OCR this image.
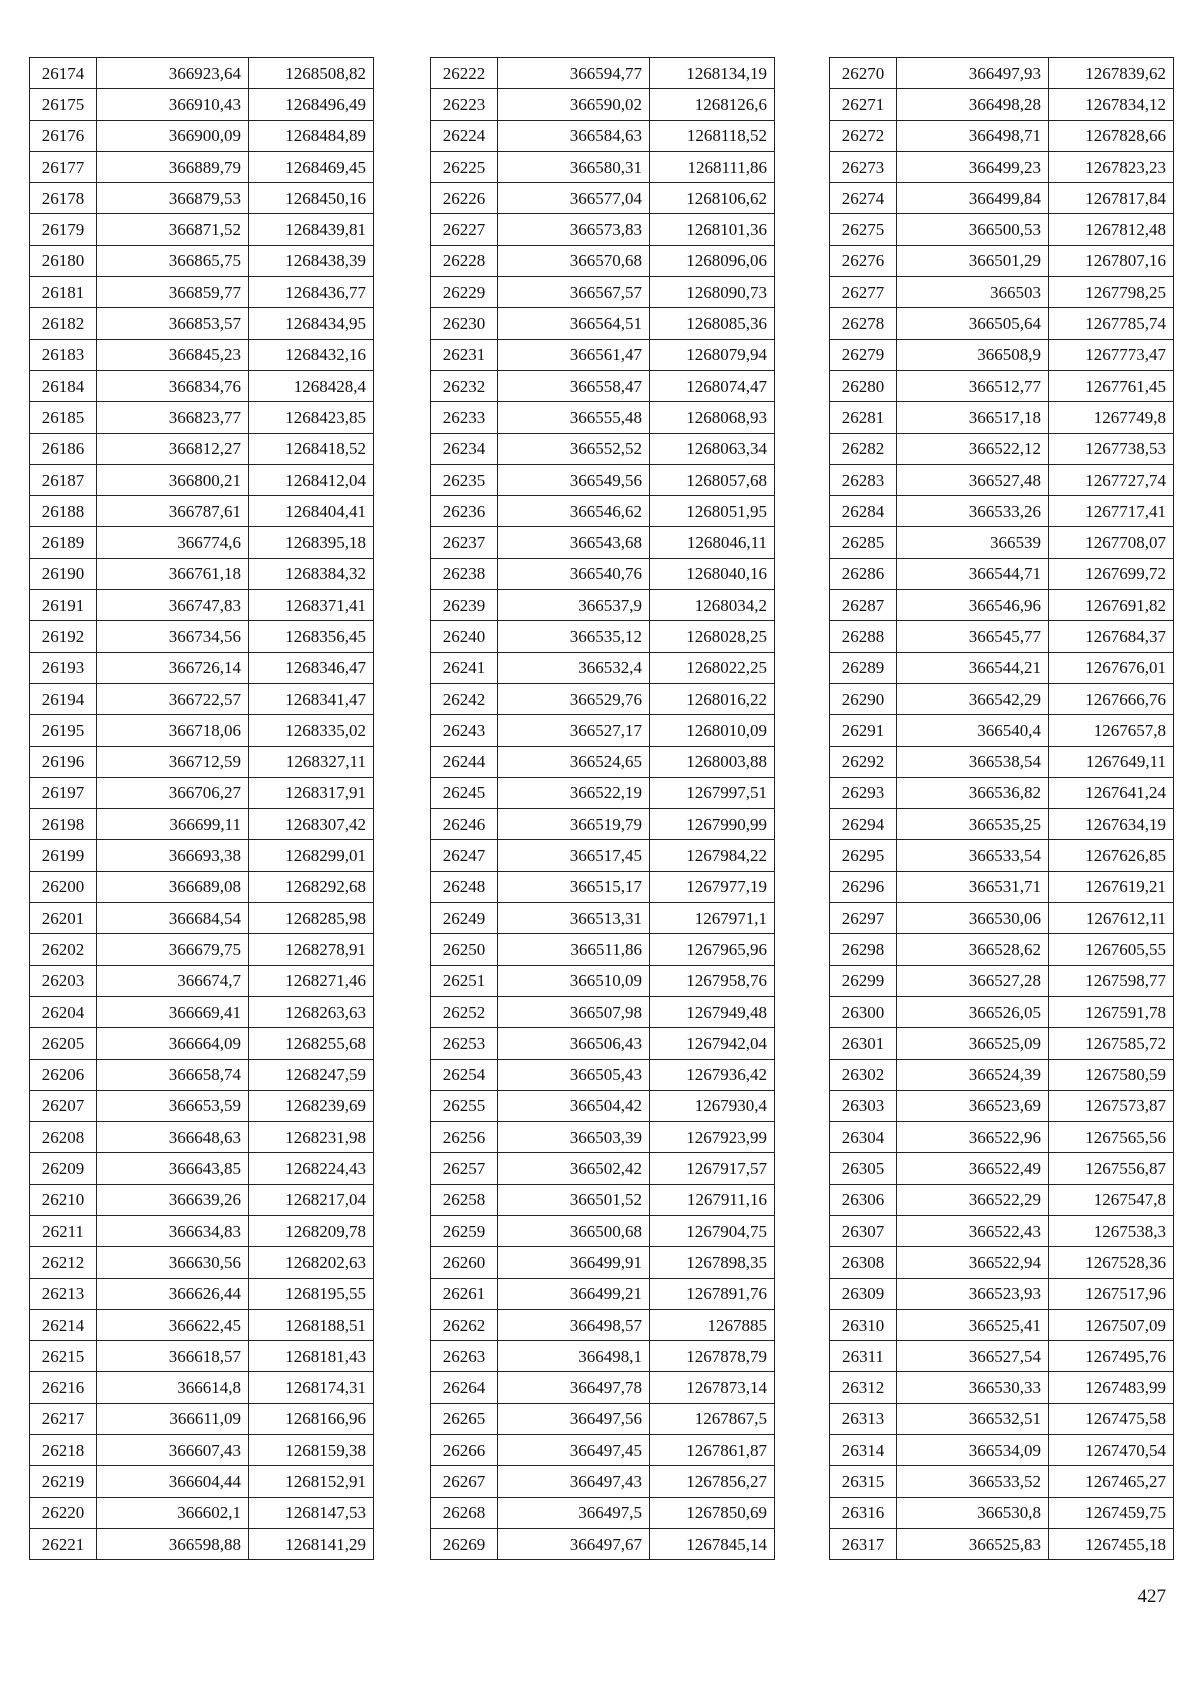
26174	366923,64	1268508,82
26175	366910,43	1268496,49
26176	366900,09	1268484,89
26177	366889,79	1268469,45
26178	366879,53	1268450,16
26179	366871,52	1268439,81
26180	366865,75	1268438,39
26181	366859,77	1268436,77
26182	366853,57	1268434,95
26183	366845,23	1268432,16
26184	366834,76	1268428,4
26185	366823,77	1268423,85
26186	366812,27	1268418,52
26187	366800,21	1268412,04
26188	366787,61	1268404,41
26189	366774,6	1268395,18
26190	366761,18	1268384,32
26191	366747,83	1268371,41
26192	366734,56	1268356,45
26193	366726,14	1268346,47
26194	366722,57	1268341,47
26195	366718,06	1268335,02
26196	366712,59	1268327,11
26197	366706,27	1268317,91
26198	366699,11	1268307,42
26199	366693,38	1268299,01
26200	366689,08	1268292,68
26201	366684,54	1268285,98
26202	366679,75	1268278,91
26203	366674,7	1268271,46
26204	366669,41	1268263,63
26205	366664,09	1268255,68
26206	366658,74	1268247,59
26207	366653,59	1268239,69
26208	366648,63	1268231,98
26209	366643,85	1268224,43
26210	366639,26	1268217,04
26211	366634,83	1268209,78
26212	366630,56	1268202,63
26213	366626,44	1268195,55
26214	366622,45	1268188,51
26215	366618,57	1268181,43
26216	366614,8	1268174,31
26217	366611,09	1268166,96
26218	366607,43	1268159,38
26219	366604,44	1268152,91
26220	366602,1	1268147,53
26221	366598,88	1268141,29
26222	366594,77	1268134,19
26223	366590,02	1268126,6
26224	366584,63	1268118,52
26225	366580,31	1268111,86
26226	366577,04	1268106,62
26227	366573,83	1268101,36
26228	366570,68	1268096,06
26229	366567,57	1268090,73
26230	366564,51	1268085,36
26231	366561,47	1268079,94
26232	366558,47	1268074,47
26233	366555,48	1268068,93
26234	366552,52	1268063,34
26235	366549,56	1268057,68
26236	366546,62	1268051,95
26237	366543,68	1268046,11
26238	366540,76	1268040,16
26239	366537,9	1268034,2
26240	366535,12	1268028,25
26241	366532,4	1268022,25
26242	366529,76	1268016,22
26243	366527,17	1268010,09
26244	366524,65	1268003,88
26245	366522,19	1267997,51
26246	366519,79	1267990,99
26247	366517,45	1267984,22
26248	366515,17	1267977,19
26249	366513,31	1267971,1
26250	366511,86	1267965,96
26251	366510,09	1267958,76
26252	366507,98	1267949,48
26253	366506,43	1267942,04
26254	366505,43	1267936,42
26255	366504,42	1267930,4
26256	366503,39	1267923,99
26257	366502,42	1267917,57
26258	366501,52	1267911,16
26259	366500,68	1267904,75
26260	366499,91	1267898,35
26261	366499,21	1267891,76
26262	366498,57	1267885
26263	366498,1	1267878,79
26264	366497,78	1267873,14
26265	366497,56	1267867,5
26266	366497,45	1267861,87
26267	366497,43	1267856,27
26268	366497,5	1267850,69
26269	366497,67	1267845,14
26270	366497,93	1267839,62
26271	366498,28	1267834,12
26272	366498,71	1267828,66
26273	366499,23	1267823,23
26274	366499,84	1267817,84
26275	366500,53	1267812,48
26276	366501,29	1267807,16
26277	366503	1267798,25
26278	366505,64	1267785,74
26279	366508,9	1267773,47
26280	366512,77	1267761,45
26281	366517,18	1267749,8
26282	366522,12	1267738,53
26283	366527,48	1267727,74
26284	366533,26	1267717,41
26285	366539	1267708,07
26286	366544,71	1267699,72
26287	366546,96	1267691,82
26288	366545,77	1267684,37
26289	366544,21	1267676,01
26290	366542,29	1267666,76
26291	366540,4	1267657,8
26292	366538,54	1267649,11
26293	366536,82	1267641,24
26294	366535,25	1267634,19
26295	366533,54	1267626,85
26296	366531,71	1267619,21
26297	366530,06	1267612,11
26298	366528,62	1267605,55
26299	366527,28	1267598,77
26300	366526,05	1267591,78
26301	366525,09	1267585,72
26302	366524,39	1267580,59
26303	366523,69	1267573,87
26304	366522,96	1267565,56
26305	366522,49	1267556,87
26306	366522,29	1267547,8
26307	366522,43	1267538,3
26308	366522,94	1267528,36
26309	366523,93	1267517,96
26310	366525,41	1267507,09
26311	366527,54	1267495,76
26312	366530,33	1267483,99
26313	366532,51	1267475,58
26314	366534,09	1267470,54
26315	366533,52	1267465,27
26316	366530,8	1267459,75
26317	366525,83	1267455,18
427
